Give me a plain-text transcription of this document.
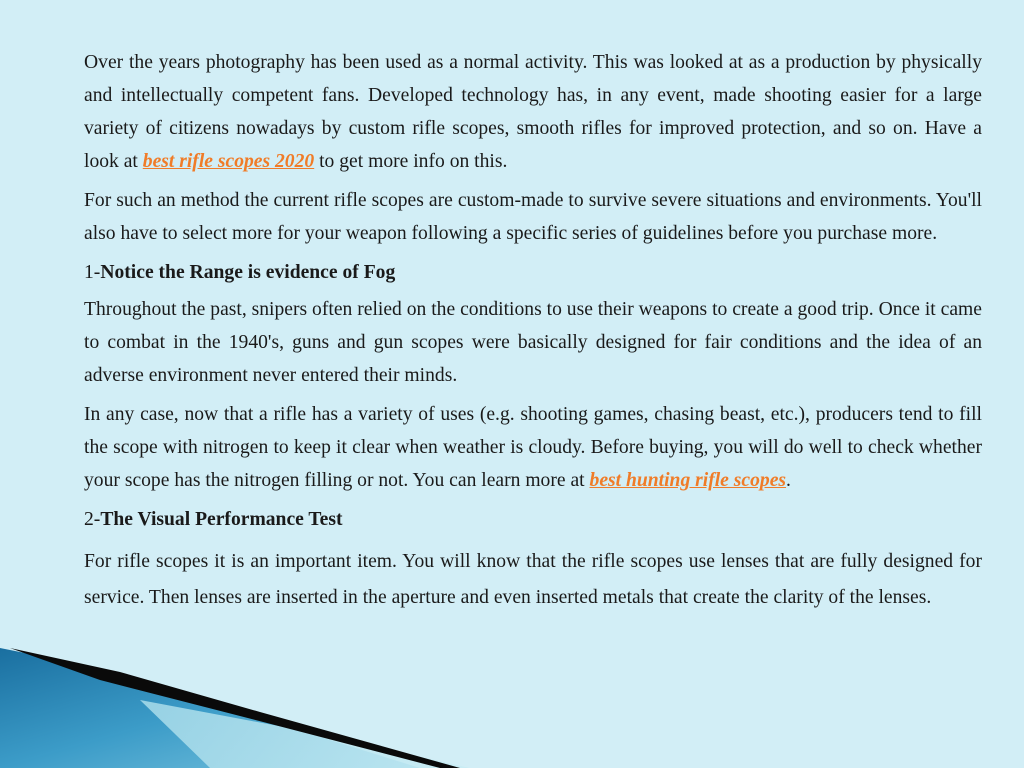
Over the years photography has been used as a normal activity. This was looked at as a production by physically and intellectually competent fans. Developed technology has, in any event, made shooting easier for a large variety of citizens nowadays by custom rifle scopes, smooth rifles for improved protection, and so on. Have a look at best rifle scopes 2020 to get more info on this.

For such an method the current rifle scopes are custom-made to survive severe situations and environments. You'll also have to select more for your weapon following a specific series of guidelines before you purchase more.

1-Notice the Range is evidence of Fog

Throughout the past, snipers often relied on the conditions to use their weapons to create a good trip. Once it came to combat in the 1940's, guns and gun scopes were basically designed for fair conditions and the idea of an adverse environment never entered their minds.

In any case, now that a rifle has a variety of uses (e.g. shooting games, chasing beast, etc.), producers tend to fill the scope with nitrogen to keep it clear when weather is cloudy. Before buying, you will do well to check whether your scope has the nitrogen filling or not. You can learn more at best hunting rifle scopes.

2-The Visual Performance Test

For rifle scopes it is an important item. You will know that the rifle scopes use lenses that are fully designed for service. Then lenses are inserted in the aperture and even inserted metals that create the clarity of the lenses.
